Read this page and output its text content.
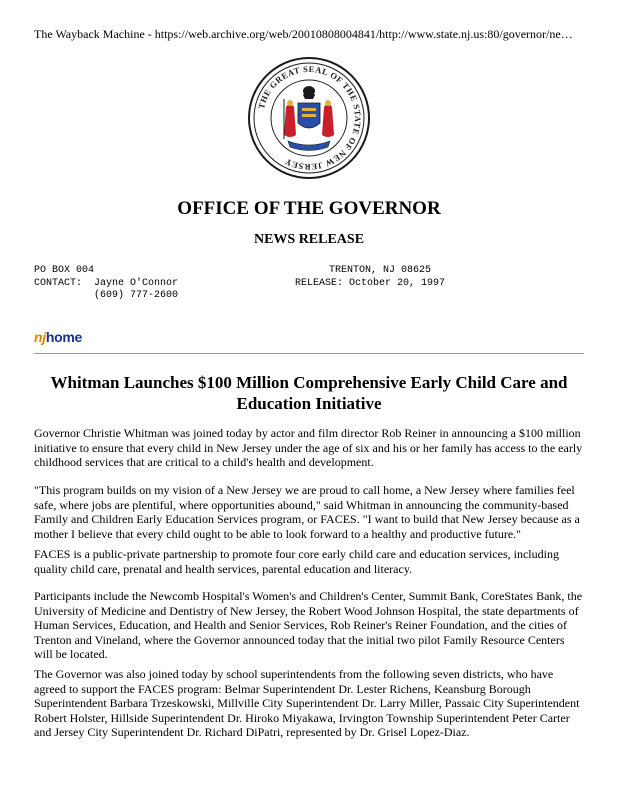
The Wayback Machine - https://web.archive.org/web/20010808004841/http://www.state.nj.us:80/governor/ne…
THE GREAT SEAL OF THE STATE OF NEW JERSEY
OFFICE OF THE GOVERNOR
NEWS RELEASE
PO BOX 004
CONTACT:  Jayne O'Connor
(609) 777-2600
TRENTON, NJ 08625
RELEASE: October 20, 1997
njhome
Whitman Launches $100 Million Comprehensive Early Child Care and Education Initiative

Governor Christie Whitman was joined today by actor and film director Rob Reiner in announcing a $100 million initiative to ensure that every child in New Jersey under the age of six and his or her family has access to the early childhood services that are critical to a child's health and development.

"This program builds on my vision of a New Jersey we are proud to call home, a New Jersey where families feel safe, where jobs are plentiful, where opportunities abound," said Whitman in announcing the community-based Family and Children Early Education Services program, or FACES. "I want to build that New Jersey because as a mother I believe that every child ought to be able to look forward to a healthy and productive future."

FACES is a public-private partnership to promote four core early child care and education services, including quality child care, prenatal and health services, parental education and literacy.

Participants include the Newcomb Hospital's Women's and Children's Center, Summit Bank, CoreStates Bank, the University of Medicine and Dentistry of New Jersey, the Robert Wood Johnson Hospital, the state departments of Human Services, Education, and Health and Senior Services, Rob Reiner's Reiner Foundation, and the cities of Trenton and Vineland, where the Governor announced today that the initial two pilot Family Resource Centers will be located.

The Governor was also joined today by school superintendents from the following seven districts, who have agreed to support the FACES program: Belmar Superintendent Dr. Lester Richens, Keansburg Borough Superintendent Barbara Trzeskowski, Millville City Superintendent Dr. Larry Miller, Passaic City Superintendent Robert Holster, Hillside Superintendent Dr. Hiroko Miyakawa, Irvington Township Superintendent Peter Carter and Jersey City Superintendent Dr. Richard DiPatri, represented by Dr. Grisel Lopez-Diaz.
